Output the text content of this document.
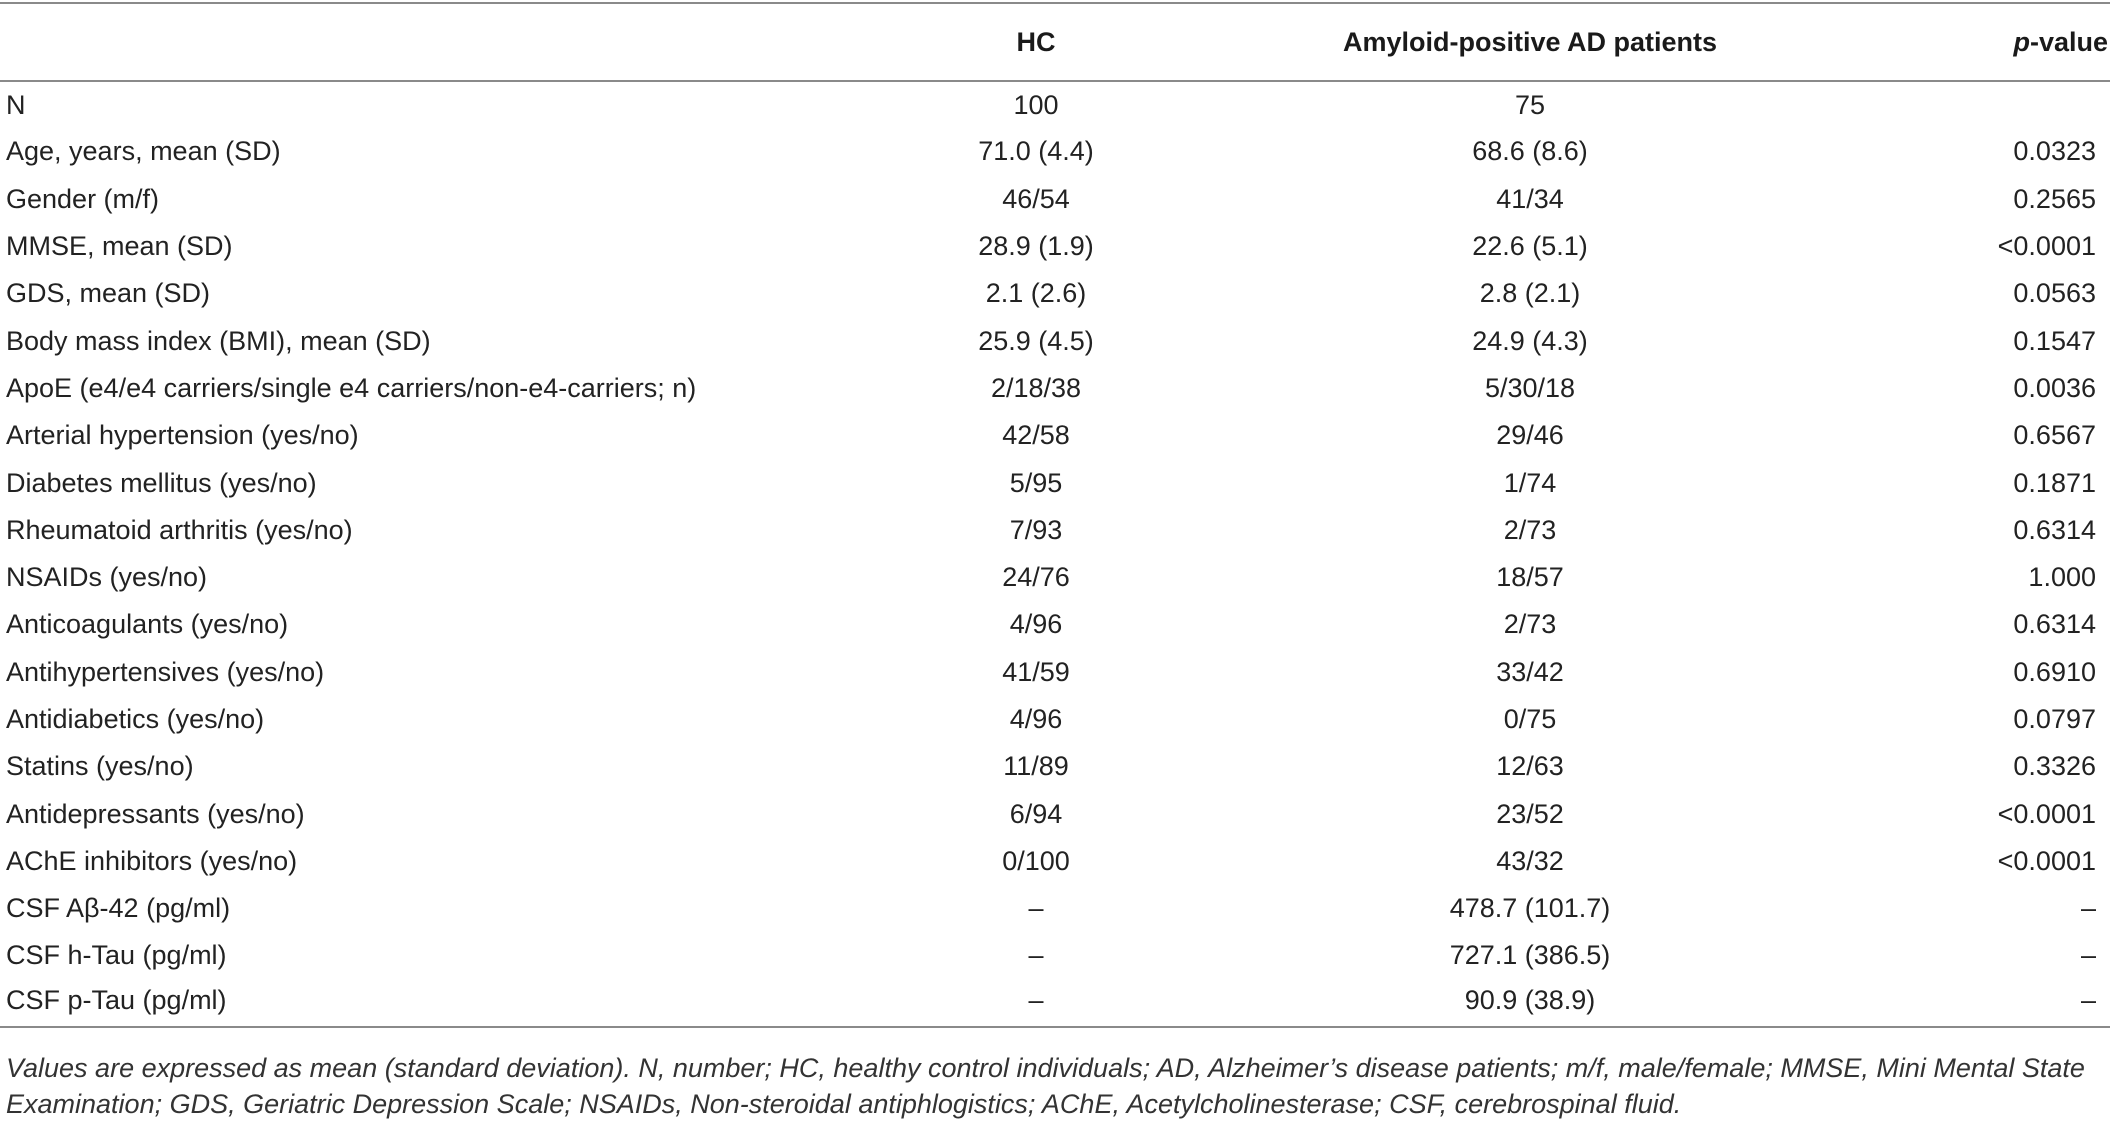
	HC	Amyloid-positive AD patients	p-value
N	100	75	
Age, years, mean (SD)	71.0 (4.4)	68.6 (8.6)	0.0323
Gender (m/f)	46/54	41/34	0.2565
MMSE, mean (SD)	28.9 (1.9)	22.6 (5.1)	<0.0001
GDS, mean (SD)	2.1 (2.6)	2.8 (2.1)	0.0563
Body mass index (BMI), mean (SD)	25.9 (4.5)	24.9 (4.3)	0.1547
ApoE (e4/e4 carriers/single e4 carriers/non-e4-carriers; n)	2/18/38	5/30/18	0.0036
Arterial hypertension (yes/no)	42/58	29/46	0.6567
Diabetes mellitus (yes/no)	5/95	1/74	0.1871
Rheumatoid arthritis (yes/no)	7/93	2/73	0.6314
NSAIDs (yes/no)	24/76	18/57	1.000
Anticoagulants (yes/no)	4/96	2/73	0.6314
Antihypertensives (yes/no)	41/59	33/42	0.6910
Antidiabetics (yes/no)	4/96	0/75	0.0797
Statins (yes/no)	11/89	12/63	0.3326
Antidepressants (yes/no)	6/94	23/52	<0.0001
AChE inhibitors (yes/no)	0/100	43/32	<0.0001
CSF Aβ-42 (pg/ml)	–	478.7 (101.7)	–
CSF h-Tau (pg/ml)	–	727.1 (386.5)	–
CSF p-Tau (pg/ml)	–	90.9 (38.9)	–
Values are expressed as mean (standard deviation). N, number; HC, healthy control individuals; AD, Alzheimer’s disease patients; m/f, male/female; MMSE, Mini Mental State Examination; GDS, Geriatric Depression Scale; NSAIDs, Non-steroidal antiphlogistics; AChE, Acetylcholinesterase; CSF, cerebrospinal fluid.
